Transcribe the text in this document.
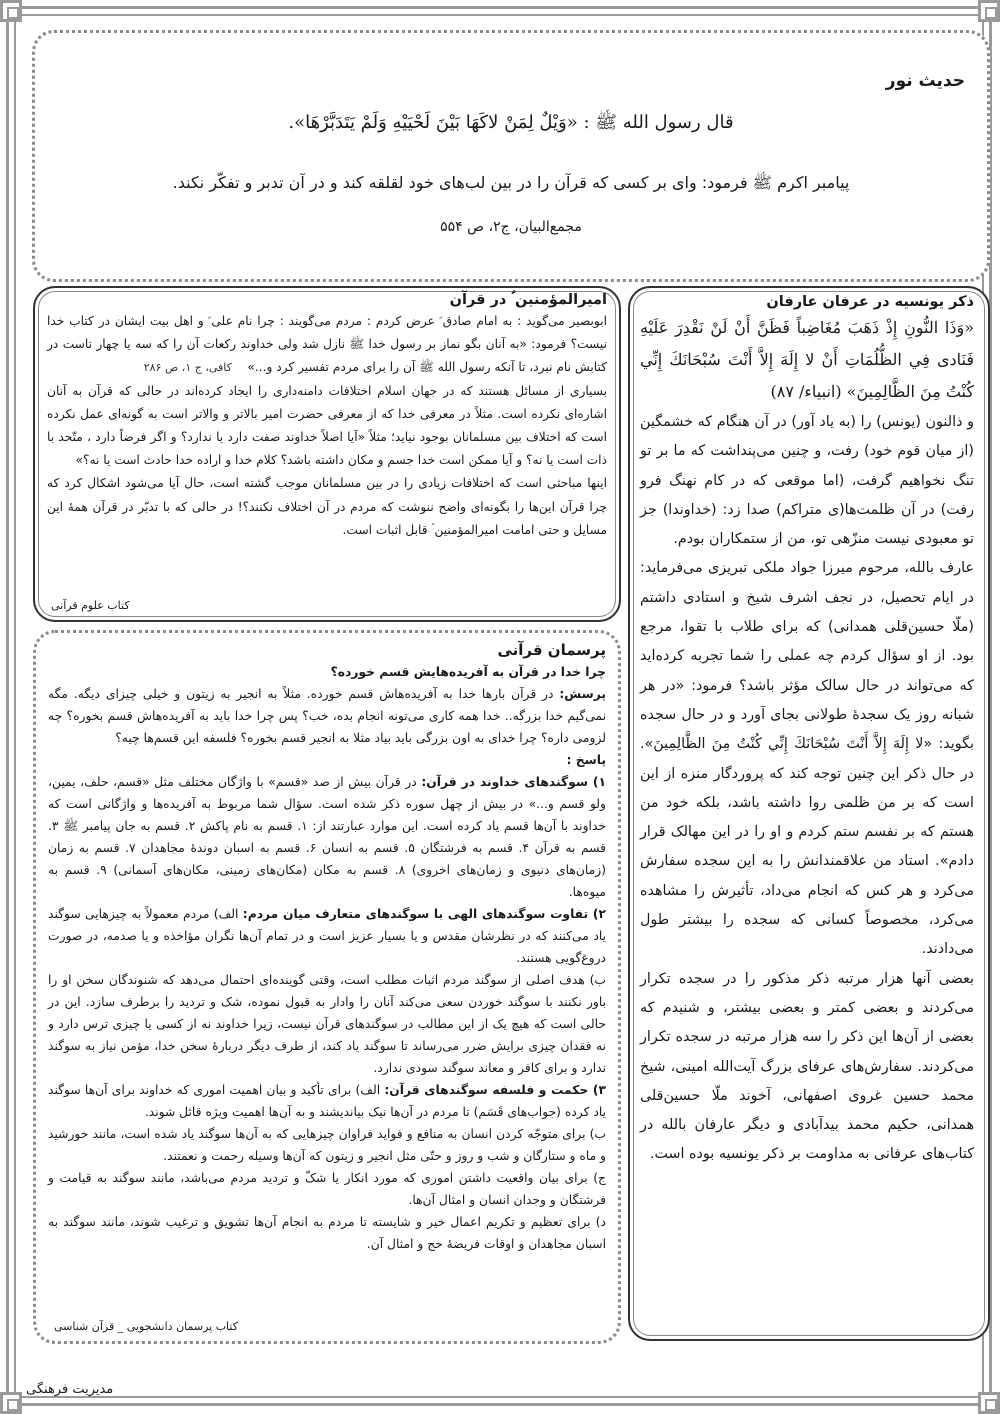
حدیث نور
قال رسول الله ﷺ : «وَیْلٌ لِمَنْ لاکَهَا بَیْنَ لَحْیَیْهِ وَلَمْ یَتَدَبَّرْهَا».
پیامبر اکرم ﷺ فرمود: وای بر کسی که قرآن را در بین لب‌های خود لقلقه کند و در آن تدبر و تفکّر نکند.
مجمع‌البیان، ج۲، ص ۵۵۴
ذکر یونسیه در عرفان عارفان

«وَذَا النُّونِ إِذْ ذَهَبَ مُغَاضِباً فَظَنَّ أَنْ لَنْ نَقْدِرَ عَلَيْهِ فَنَادى فِي الظُّلُمَاتِ أَنْ لا إِلَهَ إِلاَّ أَنْتَ سُبْحَانَكَ إِنِّي كُنْتُ مِنَ الظَّالِمِينَ» (انبیاء/ ۸۷)

و ذالنون (یونس) را (به یاد آور) در آن هنگام که خشمگین (از میان قوم خود) رفت، و چنین می‌پنداشت که ما بر تو تنگ نخواهیم گرفت، (اما موقعی که در کام نهنگ فرو رفت) در آن ظلمت‌ها(ی متراکم) صدا زد: (خداوندا) جز تو معبودی نیست منزّهی تو، من از ستمکاران بودم.

عارف بالله، مرحوم میرزا جواد ملکی تبریزی می‌فرماید: در ایام تحصیل، در نجف اشرف شیخ و استادی داشتم (ملّا حسین‌قلی همدانی) که برای طلاب با تقوا، مرجع بود. از او سؤال کردم چه عملی را شما تجربه کرده‌اید که می‌تواند در حال سالک مؤثر باشد؟ فرمود: «در هر شبانه روز یک سجدهٔ طولانی بجای آورد و در حال سجده بگوید: «لا إِلَهَ إِلاَّ أَنْتَ سُبْحَانَكَ إِنِّي كُنْتُ مِنَ الظَّالِمِينَ». در حال ذکر این چنین توجه کند که پروردگار منزه از این است که بر من ظلمی روا داشته باشد، بلکه خود من هستم که بر نفسم ستم کردم و او را در این مهالک قرار دادم». استاد من علاقمندانش را به این سجده سفارش می‌کرد و هر کس که انجام می‌داد، تأثیرش را مشاهده می‌کرد، مخصوصاً کسانی که سجده را بیشتر طول می‌دادند.

بعضی آنها هزار مرتبه ذکر مذکور را در سجده تکرار می‌کردند و بعضی کمتر و بعضی بیشتر، و شنیدم که بعضی از آن‌ها این ذکر را سه هزار مرتبه در سجده تکرار می‌کردند. سفارش‌های عرفای بزرگ آیت‌الله امینی، شیخ محمد حسین غروی اصفهانی، آخوند ملّا حسین‌قلی همدانی، حکیم محمد بیدآبادی و دیگر عارفان بالله در کتاب‌های عرفانی به مداومت بر ذکر یونسیه بوده است.

امیرالمؤمنین ؑ در قرآن

ابوبصیر می‌گوید : به امام صادق ؑ عرض کردم : مردم می‌گویند : چرا نام علی ؑ و اهل بیت ایشان در کتاب خدا نیست؟ فرمود: «به آنان بگو نماز بر رسول خدا ﷺ نازل شد ولی خداوند رکعات آن را که سه یا چهار تاست در کتابش نام نبرد، تا آنکه رسول الله ﷺ آن را برای مردم تفسیر کرد و...»    کافی، ج ۱، ص ۲۸۶

بسیاری از مسائل هستند که در جهان اسلام اختلافات دامنه‌داری را ایجاد کرده‌اند در حالی که قرآن به آنان اشاره‌ای نکرده است. مثلاً در معرفی خدا که از معرفی حضرت امیر بالاتر و والاتر است به گونه‌ای عمل نکرده است که اختلاف بین مسلمانان بوجود نیاید؛ مثلاً «آیا اصلاً خداوند صفت دارد یا ندارد؟ و اگر فرضاً دارد ، متّحد با ذات است یا نه؟ و آیا ممکن است خدا جسم و مکان داشته باشد؟ کلام خدا و اراده خدا حادث است یا نه؟»

اینها مباحثی است که اختلافات زیادی را در بین مسلمانان موجب گشته است، حال آیا می‌شود اشکال کرد که چرا قرآن این‌ها را بگونه‌ای واضح ننوشت که مردم در آن اختلاف نکنند؟! در حالی که با تدبّر در قرآن همهٔ این مسایل و حتی امامت امیرالمؤمنین ؑ قابل اثبات است.

کتاب علوم قرآنی
پرسمان قرآنی

چرا خدا در قرآن به آفریده‌هایش قسم خورده؟

پرسش: در قرآن بارها خدا به آفریده‌هاش قسم خورده. مثلاً به انجیر به زیتون و خیلی چیزای دیگه. مگه نمی‌گیم خدا بزرگه.. خدا همه کاری می‌تونه انجام بده، خب؟ پس چرا خدا باید به آفریده‌هاش قسم بخوره؟ چه لزومی داره؟ چرا خدای به اون بزرگی باید بیاد مثلا به انجیر قسم بخوره؟ فلسفه این قسم‌ها چیه؟

پاسخ :

۱) سوگندهای خداوند در قرآن: در قرآن بیش از صد «قسم» با واژگان مختلف مثل «قسم، حلف، یمین، ولو قسم و...» در بیش از چهل سوره ذکر شده است. سؤال شما مربوط به آفریده‌ها و واژگانی است که خداوند با آن‌ها قسم یاد کرده است. این موارد عبارتند از: ۱. قسم به نام پاکش ۲. قسم به جان پیامبر ﷺ ۳. قسم به قرآن ۴. قسم به فرشتگان ۵. قسم به انسان ۶. قسم به اسبان دوندهٔ مجاهدان ۷. قسم به زمان (زمان‌های دنیوی و زمان‌های اخروی) ۸. قسم به مکان (مکان‌های زمینی، مکان‌های آسمانی) ۹. قسم به میوه‌ها.

۲) تفاوت سوگندهای الهی با سوگندهای متعارف میان مردم: الف) مردم معمولاً به چیزهایی سوگند یاد می‌کنند که در نظرشان مقدس و یا بسیار عزیز است و در تمام آن‌ها نگران مؤاخذه و یا صدمه، در صورت دروغ‌گویی هستند.

ب) هدف اصلی از سوگند مردم اثبات مطلب است، وقتی گوینده‌ای احتمال می‌دهد که شنوندگان سخن او را باور نکنند با سوگند خوردن سعی می‌کند آنان را وادار به قبول نموده، شک و تردید را برطرف سازد. این در حالی است که هیچ یک از این مطالب در سوگندهای قرآن نیست، زیرا خداوند نه از کسی یا چیزی ترس دارد و نه فقدان چیزی برایش ضرر می‌رساند تا سوگند یاد کند، از طرف دیگر دربارهٔ سخن خدا، مؤمن نیاز به سوگند ندارد و برای کافر و معاند سوگند سودی ندارد.

۳) حکمت و فلسفه سوگندهای قرآن: الف) برای تأکید و بیان اهمیت اموری که خداوند برای آن‌ها سوگند یاد کرده (جواب‌های قَسَم) تا مردم در آن‌ها نیک بیاندیشند و به آن‌ها اهمیت ویژه قائل شوند.

ب) برای متوجّه کردن انسان به منافع و فواید فراوان چیزهایی که به آن‌ها سوگند یاد شده است، مانند خورشید و ماه و ستارگان و شب و روز و حتّی مثل انجیر و زیتون که آن‌ها وسیله رحمت و نعمتند.

ج) برای بیان واقعیت داشتن اموری که مورد انکار یا شکّ و تردید مردم می‌باشد، مانند سوگند به قیامت و فرشتگان و وجدان انسان و امثال آن‌ها.

د) برای تعظیم و تکریم اعمال خیر و شایسته تا مردم به انجام آن‌ها تشویق و ترغیب شوند، مانند سوگند به اسبان مجاهدان و اوقات فریضهٔ حج و امثال آن.

کتاب پرسمان دانشجویی _ قرآن شناسی
مدیریت فرهنگی
